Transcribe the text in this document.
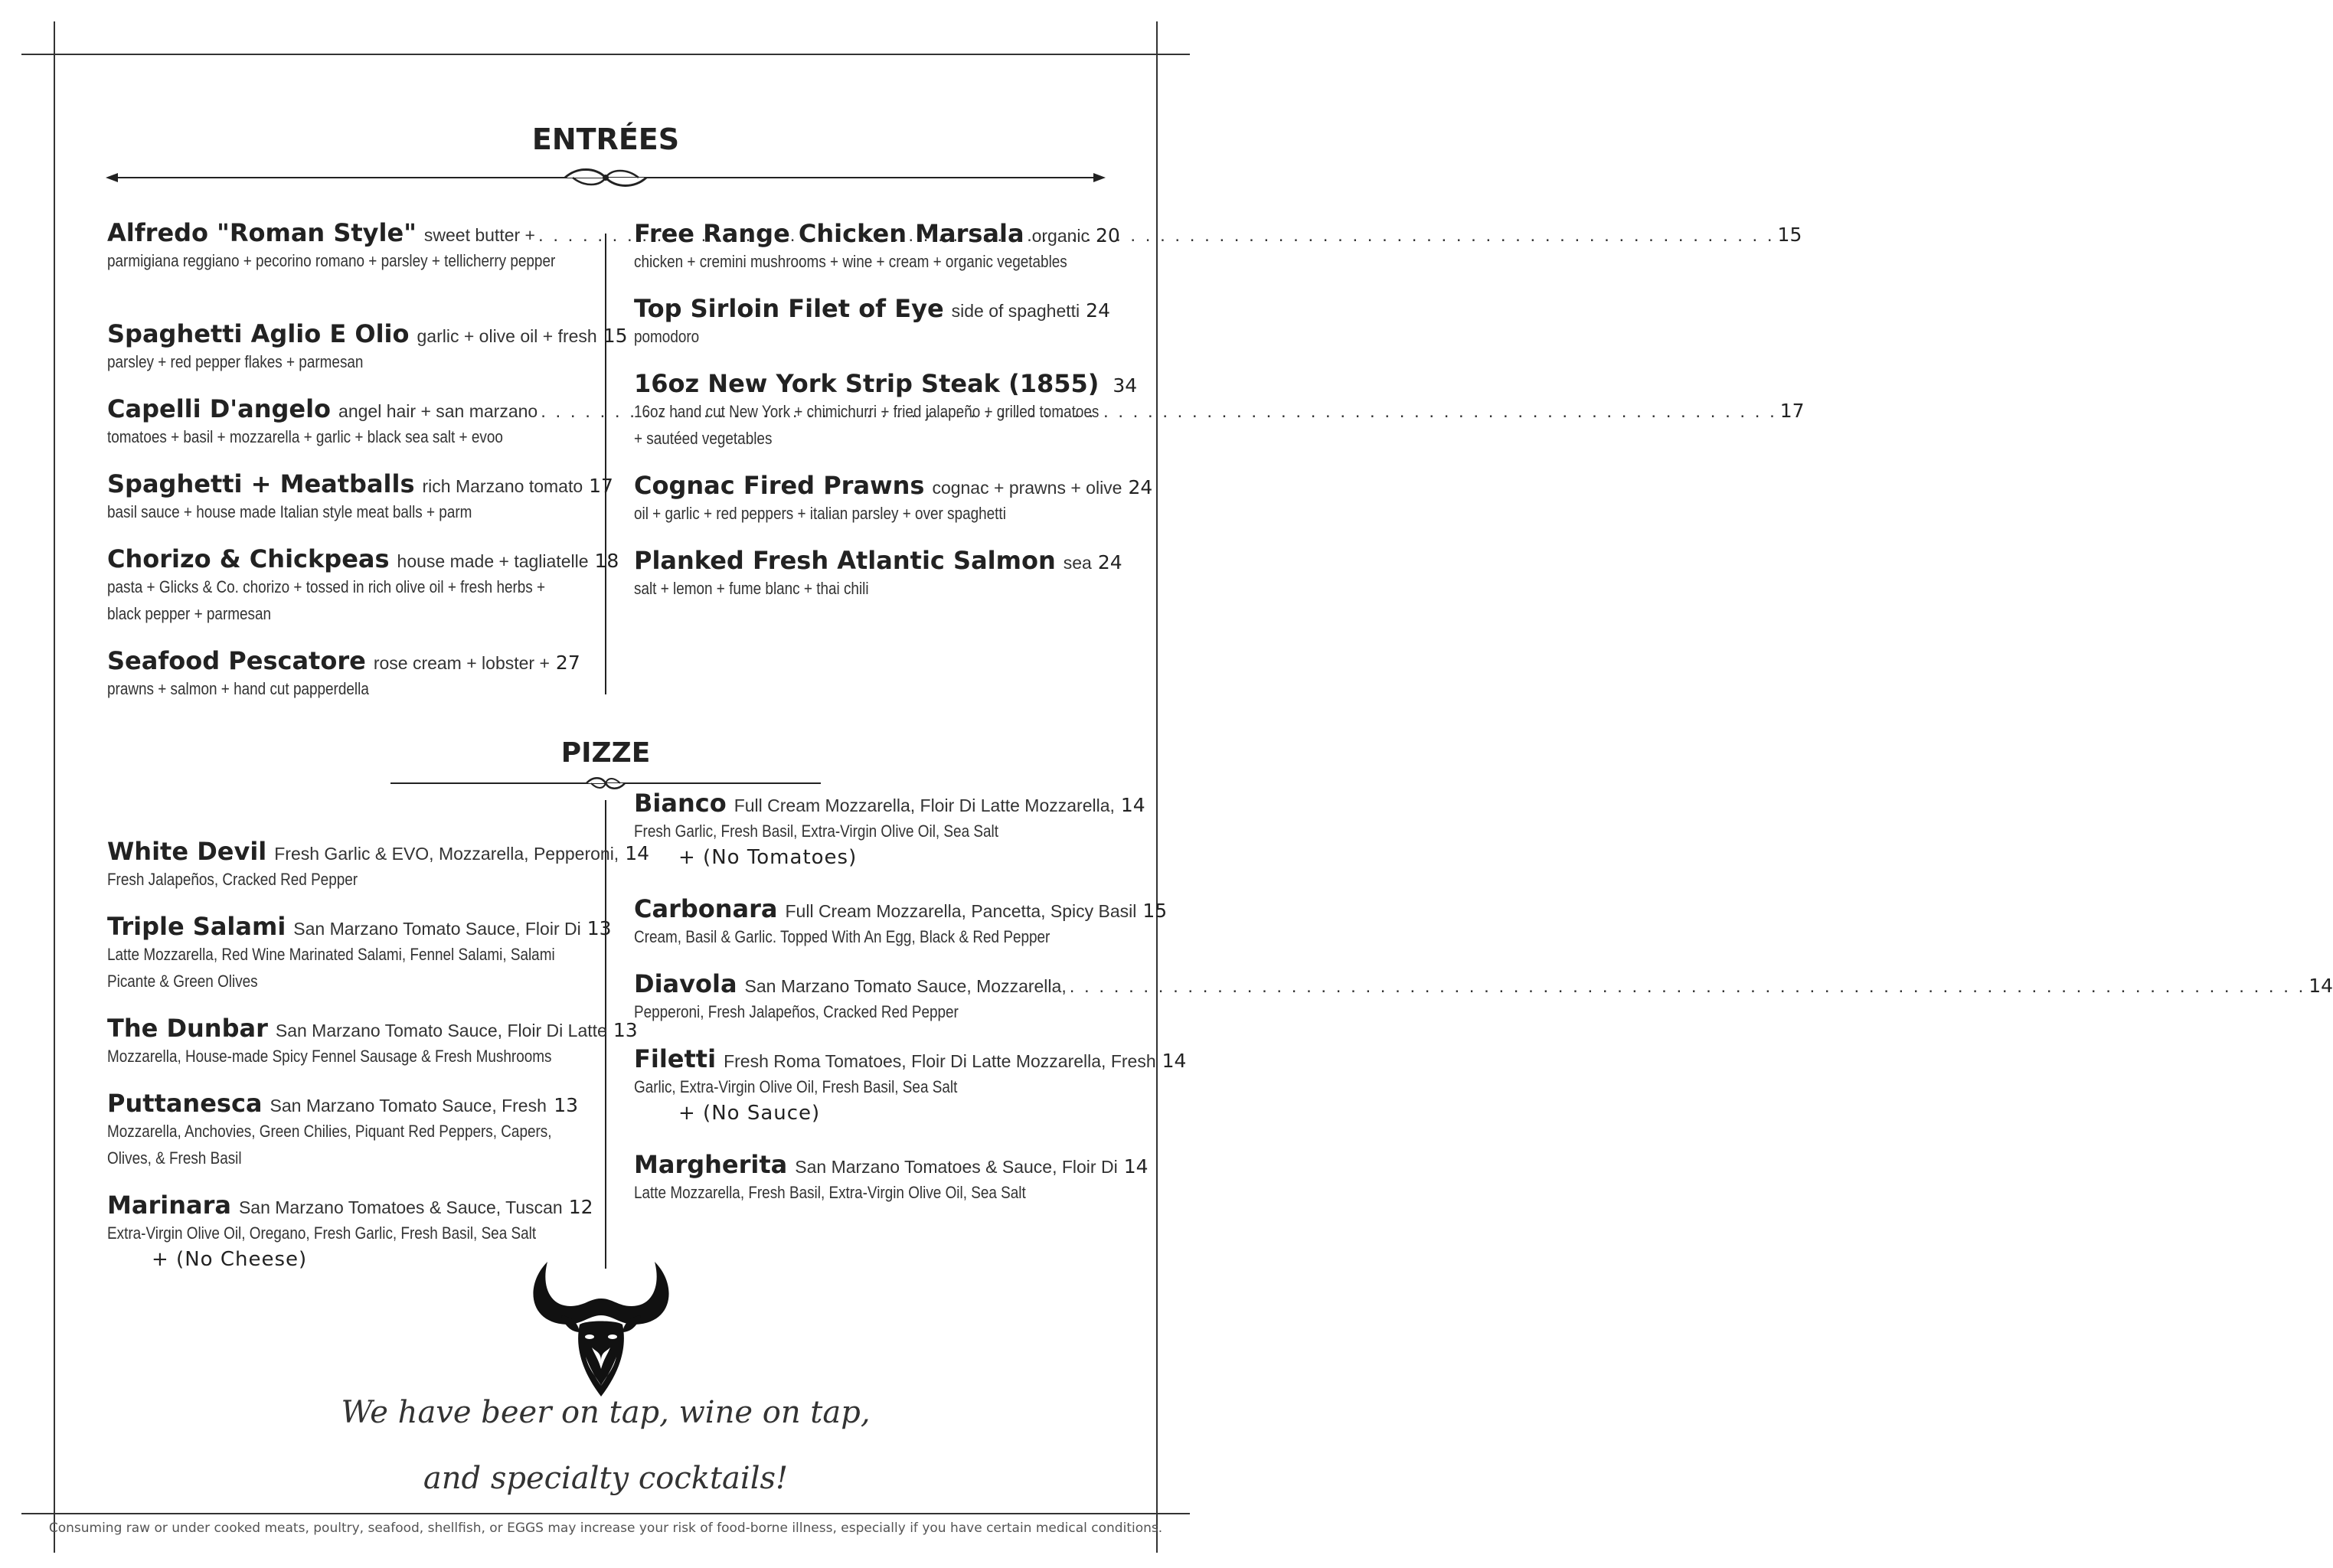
ENTRÉES
Alfredo "Roman Style" sweet butter + . . .	15
parmigiana reggiano + pecorino romano + parsley + tellicherry pepper
Spaghetti Aglio E Olio garlic + olive oil + fresh 15
parsley + red pepper flakes + parmesan
Capelli D'angelo angel hair + san marzano . . .	17
tomatoes + basil + mozzarella + garlic + black sea salt + evoo
Spaghetti + Meatballs rich Marzano tomato 17
basil sauce + house made Italian style meat balls + parm
Chorizo & Chickpeas house made + tagliatelle 18
pasta + Glicks & Co. chorizo + tossed in rich olive oil + fresh herbs + black pepper + parmesan
Seafood Pescatore rose cream + lobster + 27
prawns + salmon + hand cut papperdella
Free Range Chicken Marsala organic 20
chicken + cremini mushrooms + wine + cream + organic vegetables
Top Sirloin Filet of Eye side of spaghetti 24
pomodoro
16oz New York Strip Steak (1855) 34
16oz hand cut New York + chimichurri + fried jalapeño + grilled tomatoes + sautéed vegetables
Cognac Fired Prawns cognac + prawns + olive 24
oil + garlic + red peppers + italian parsley + over spaghetti
Planked Fresh Atlantic Salmon sea 24
salt + lemon + fume blanc + thai chili
PIZZE
White Devil Fresh Garlic & EVO, Mozzarella, Pepperoni, 14
Fresh Jalapeños, Cracked Red Pepper
Triple Salami San Marzano Tomato Sauce, Floir Di 13
Latte Mozzarella, Red Wine Marinated Salami, Fennel Salami, Salami Picante & Green Olives
The Dunbar San Marzano Tomato Sauce, Floir Di Latte 13
Mozzarella, House-made Spicy Fennel Sausage & Fresh Mushrooms
Puttanesca San Marzano Tomato Sauce, Fresh . . . 13
Mozzarella, Anchovies, Green Chilies, Piquant Red Peppers, Capers, Olives, & Fresh Basil
Marinara San Marzano Tomatoes & Sauce, Tuscan 12
Extra-Virgin Olive Oil, Oregano, Fresh Garlic, Fresh Basil, Sea Salt
+ (No Cheese)
Bianco Full Cream Mozzarella, Floir Di Latte Mozzarella, 14
Fresh Garlic, Fresh Basil, Extra-Virgin Olive Oil, Sea Salt
+ (No Tomatoes)
Carbonara Full Cream Mozzarella, Pancetta, Spicy Basil 15
Cream, Basil & Garlic. Topped With An Egg, Black & Red Pepper
Diavola San Marzano Tomato Sauce, Mozzarella, . . .	14
Pepperoni, Fresh Jalapeños, Cracked Red Pepper
Filetti Fresh Roma Tomatoes, Floir Di Latte Mozzarella, Fresh 14
Garlic, Extra-Virgin Olive Oil, Fresh Basil, Sea Salt
+ (No Sauce)
Margherita San Marzano Tomatoes & Sauce, Floir Di 14
Latte Mozzarella, Fresh Basil, Extra-Virgin Olive Oil, Sea Salt
We have beer on tap, wine on tap,
and specialty cocktails!
Consuming raw or under cooked meats, poultry, seafood, shellfish, or EGGS may increase your risk of food-borne illness, especially if you have certain medical conditions.
